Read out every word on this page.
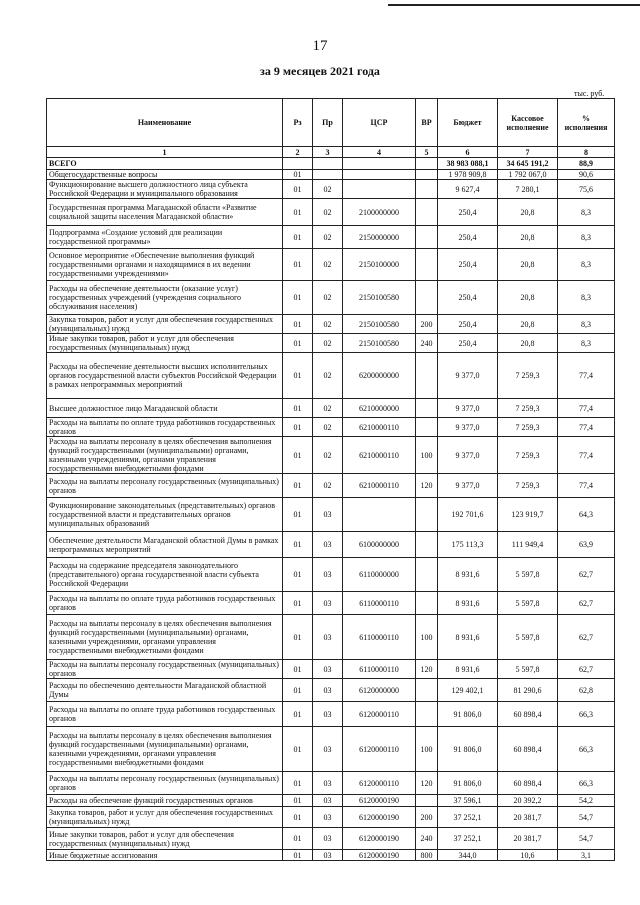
17
за 9 месяцев 2021 года
тыс. руб.
Наименование	Рз	Пр	ЦСР	ВР	Бюджет	Кассовое исполнение	% исполнения
1	2	3	4	5	6	7	8
ВСЕГО					38 983 088,1	34 645 191,2	88,9
Общегосударственные вопросы	01				1 978 909,8	1 792 067,0	90,6
Функционирование высшего должностного лица субъекта Российской Федерации и муниципального образования	01	02			9 627,4	7 280,1	75,6
Государственная программа Магаданской области «Развитие социальной защиты населения Магаданской области»	01	02	2100000000		250,4	20,8	8,3
Подпрограмма «Создание условий для реализации государственной программы»	01	02	2150000000		250,4	20,8	8,3
Основное мероприятие «Обеспечение выполнения функций государственными органами и находящимися в их ведении государственными учреждениями»	01	02	2150100000		250,4	20,8	8,3
Расходы на обеспечение деятельности (оказание услуг) государственных учреждений (учреждения социального обслуживания населения)	01	02	2150100580		250,4	20,8	8,3
Закупка товаров, работ и услуг для обеспечения государственных (муниципальных) нужд	01	02	2150100580	200	250,4	20,8	8,3
Иные закупки товаров, работ и услуг для обеспечения государственных (муниципальных) нужд	01	02	2150100580	240	250,4	20,8	8,3
Расходы на обеспечение деятельности высших исполнительных органов государственной власти субъектов Российской Федерации в рамках непрограммных мероприятий	01	02	6200000000		9 377,0	7 259,3	77,4
Высшее должностное лицо Магаданской области	01	02	6210000000		9 377,0	7 259,3	77,4
Расходы на выплаты по оплате труда работников государственных органов	01	02	6210000110		9 377,0	7 259,3	77,4
Расходы на выплаты персоналу в целях обеспечения выполнения функций государственными (муниципальными) органами, казенными учреждениями, органами управления государственными внебюджетными фондами	01	02	6210000110	100	9 377,0	7 259,3	77,4
Расходы на выплаты персоналу государственных (муниципальных) органов	01	02	6210000110	120	9 377,0	7 259,3	77,4
Функционирование законодательных (представительных) органов государственной власти и представительных органов муниципальных образований	01	03			192 701,6	123 919,7	64,3
Обеспечение деятельности Магаданской областной Думы в рамках непрограммных мероприятий	01	03	6100000000		175 113,3	111 949,4	63,9
Расходы на содержание председателя законодательного (представительного) органа государственной власти субъекта Российской Федерации	01	03	6110000000		8 931,6	5 597,8	62,7
Расходы на выплаты по оплате труда работников государственных органов	01	03	6110000110		8 931,6	5 597,8	62,7
Расходы на выплаты персоналу в целях обеспечения выполнения функций государственными (муниципальными) органами, казенными учреждениями, органами управления государственными внебюджетными фондами	01	03	6110000110	100	8 931,6	5 597,8	62,7
Расходы на выплаты персоналу государственных (муниципальных) органов	01	03	6110000110	120	8 931,6	5 597,8	62,7
Расходы по обеспечению деятельности Магаданской областной Думы	01	03	6120000000		129 402,1	81 290,6	62,8
Расходы на выплаты по оплате труда работников государственных органов	01	03	6120000110		91 806,0	60 898,4	66,3
Расходы на выплаты персоналу в целях обеспечения выполнения функций государственными (муниципальными) органами, казенными учреждениями, органами управления государственными внебюджетными фондами	01	03	6120000110	100	91 806,0	60 898,4	66,3
Расходы на выплаты персоналу государственных (муниципальных) органов	01	03	6120000110	120	91 806,0	60 898,4	66,3
Расходы на обеспечение функций государственных органов	01	03	6120000190		37 596,1	20 392,2	54,2
Закупка товаров, работ и услуг для обеспечения государственных (муниципальных) нужд	01	03	6120000190	200	37 252,1	20 381,7	54,7
Иные закупки товаров, работ и услуг для обеспечения государственных (муниципальных) нужд	01	03	6120000190	240	37 252,1	20 381,7	54,7
Иные бюджетные ассигнования	01	03	6120000190	800	344,0	10,6	3,1
